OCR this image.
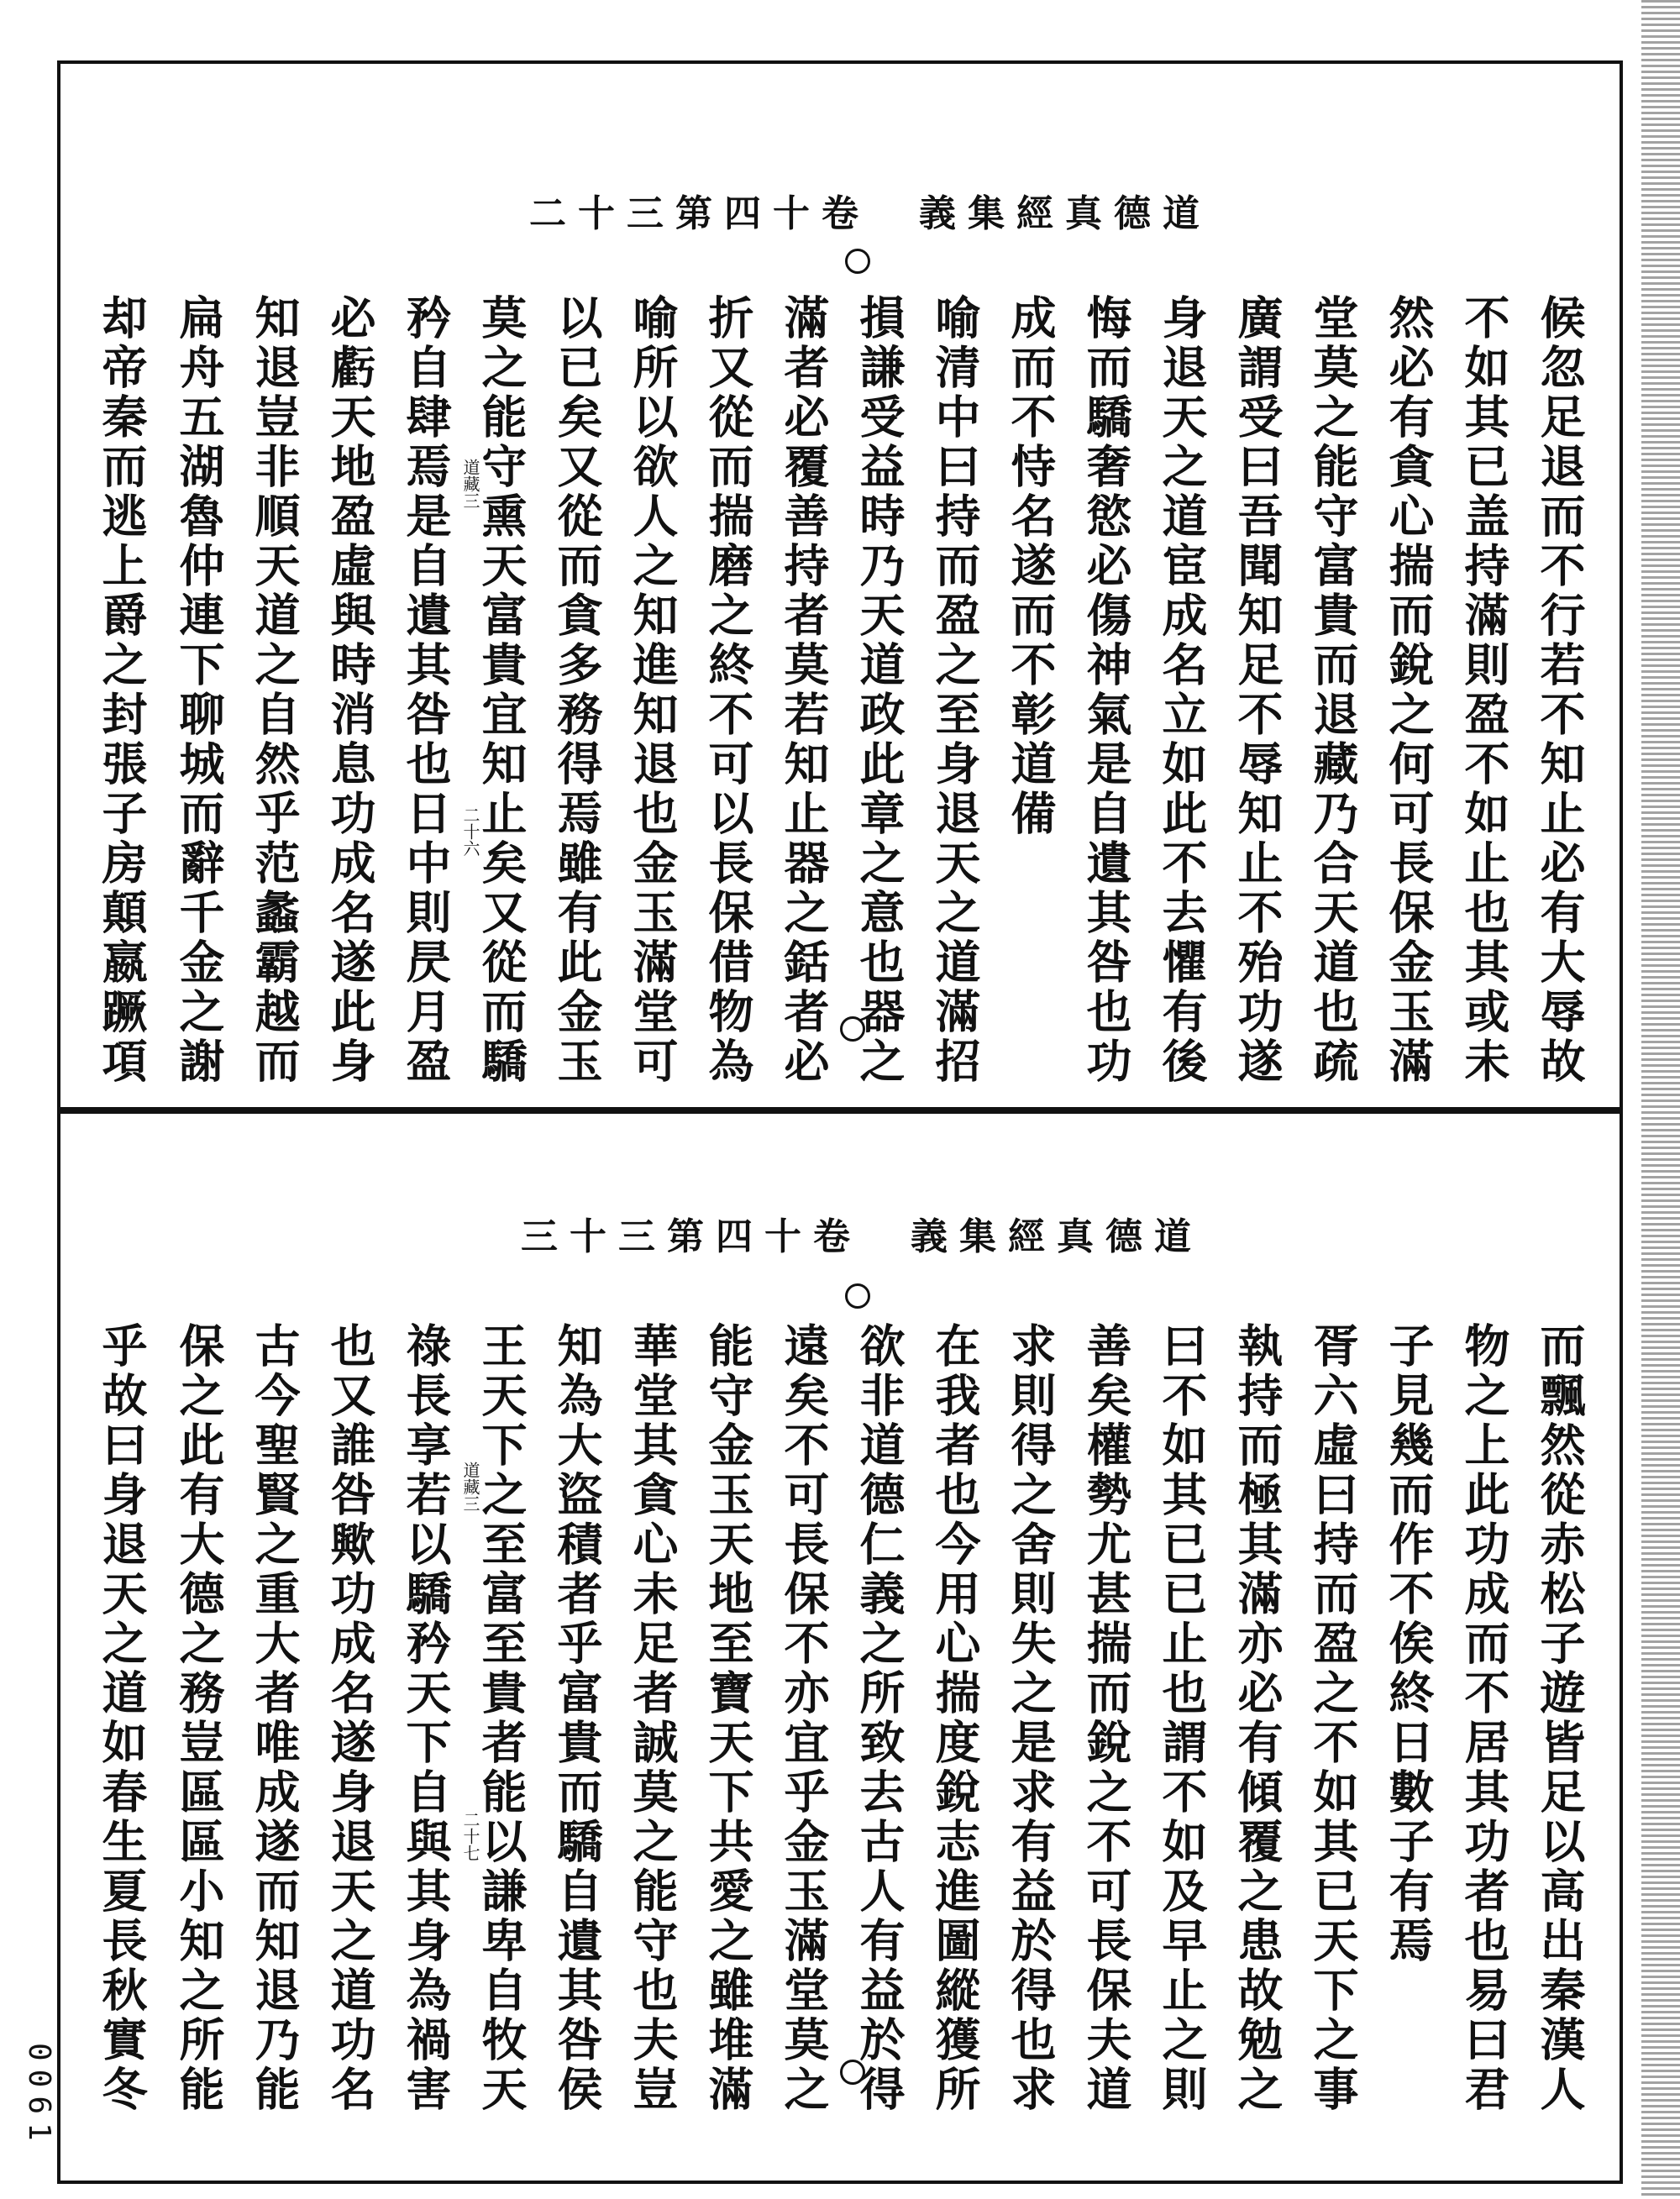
道德真經集義　卷十四第三十二
道德真經集義　卷十四第三十三
候忽足退而不行若不知止必有大辱故
不如其已盖持滿則盈不如止也其或未
然必有貪心揣而銳之何可長保金玉滿
堂莫之能守富貴而退藏乃合天道也疏
廣謂受曰吾聞知足不辱知止不殆功遂
身退天之道宦成名立如此不去懼有後
悔而驕奢慾必傷神氣是自遺其咎也功
成而不恃名遂而不彰道備
喻清中曰持而盈之至身退天之道滿招
損謙受益時乃天道政此章之意也器之
滿者必覆善持者莫若知止器之銛者必
折又從而揣磨之終不可以長保借物為
喻所以欲人之知進知退也金玉滿堂可
以已矣又從而貪多務得焉雖有此金玉
莫之能守熏天富貴宜知止矣又從而驕
矜自肆焉是自遺其咎也日中則昃月盈
必虧天地盈虛與時消息功成名遂此身
知退豈非順天道之自然乎范蠡霸越而
扁舟五湖魯仲連下聊城而辭千金之謝
却帝秦而逃上爵之封張子房顛嬴蹶項	道藏三
二十六
而飄然從赤松子遊皆足以高出秦漢人
物之上此功成而不居其功者也易曰君
子見幾而作不俟終日數子有焉
胥六虛曰持而盈之不如其已天下之事
執持而極其滿亦必有傾覆之患故勉之
曰不如其已已止也謂不如及早止之則
善矣權勢尤甚揣而銳之不可長保夫道
求則得之舍則失之是求有益於得也求
在我者也今用心揣度銳志進圖縱獲所
欲非道德仁義之所致去古人有益於得
遠矣不可長保不亦宜乎金玉滿堂莫之
能守金玉天地至寶天下共愛之雖堆滿
華堂其貪心未足者誠莫之能守也夫豈
知為大盜積者乎富貴而驕自遺其咎侯
王天下之至富至貴者能以謙卑自牧天
祿長享若以驕矜天下自與其身為禍害
也又誰咎歟功成名遂身退天之道功名
古今聖賢之重大者唯成遂而知退乃能
保之此有大德之務豈區區小知之所能
乎故曰身退天之道如春生夏長秋實冬	道藏三
二十七
0061
